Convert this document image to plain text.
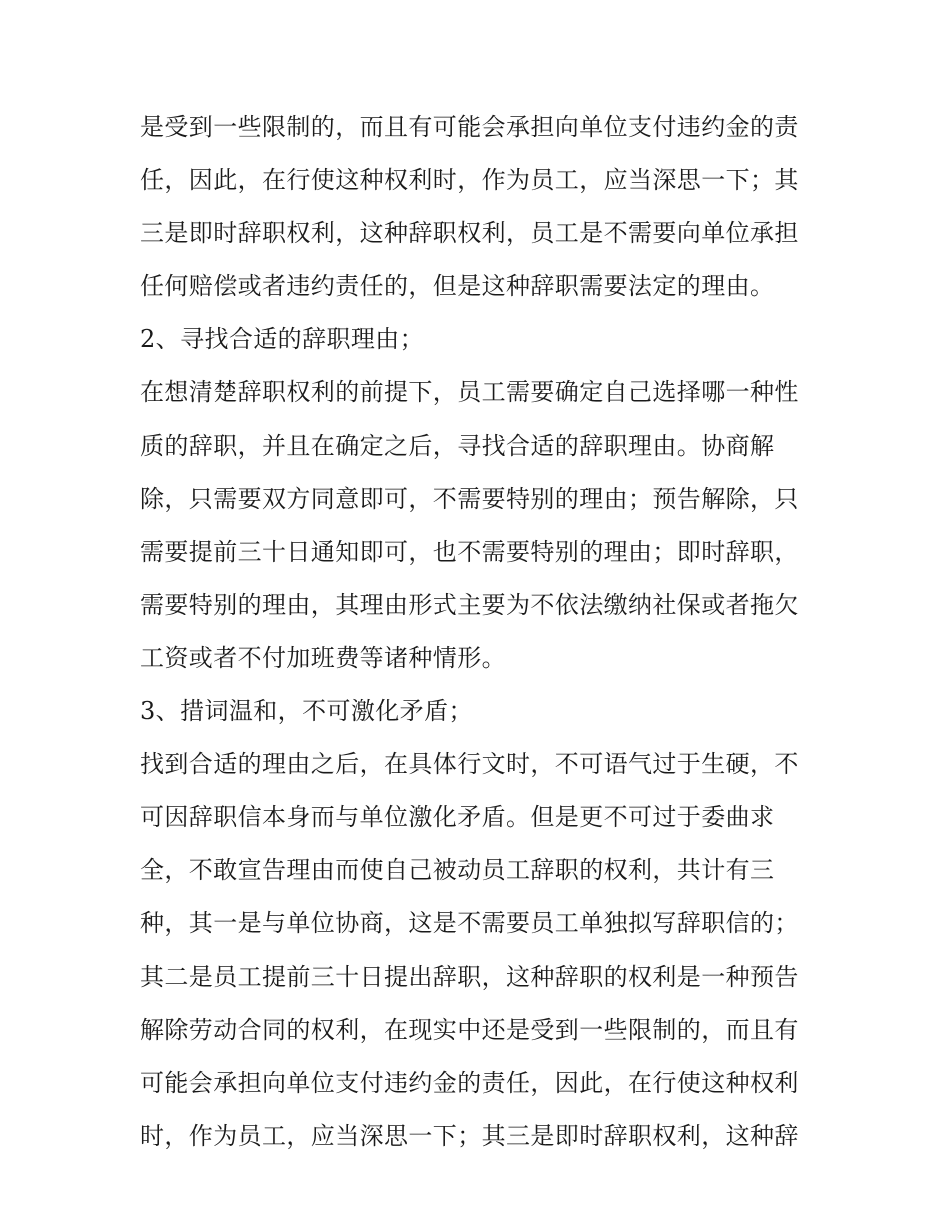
是受到一些限制的，而且有可能会承担向单位支付违约金的责
任，因此，在行使这种权利时，作为员工，应当深思一下；其
三是即时辞职权利，这种辞职权利，员工是不需要向单位承担
任何赔偿或者违约责任的，但是这种辞职需要法定的理由。
2、寻找合适的辞职理由；
在想清楚辞职权利的前提下，员工需要确定自己选择哪一种性
质的辞职，并且在确定之后，寻找合适的辞职理由。协商解
除，只需要双方同意即可，不需要特别的理由；预告解除，只
需要提前三十日通知即可，也不需要特别的理由；即时辞职，
需要特别的理由，其理由形式主要为不依法缴纳社保或者拖欠
工资或者不付加班费等诸种情形。
3、措词温和，不可激化矛盾；
找到合适的理由之后，在具体行文时，不可语气过于生硬，不
可因辞职信本身而与单位激化矛盾。但是更不可过于委曲求
全，不敢宣告理由而使自己被动员工辞职的权利，共计有三
种，其一是与单位协商，这是不需要员工单独拟写辞职信的；
其二是员工提前三十日提出辞职，这种辞职的权利是一种预告
解除劳动合同的权利，在现实中还是受到一些限制的，而且有
可能会承担向单位支付违约金的责任，因此，在行使这种权利
时，作为员工，应当深思一下；其三是即时辞职权利，这种辞
